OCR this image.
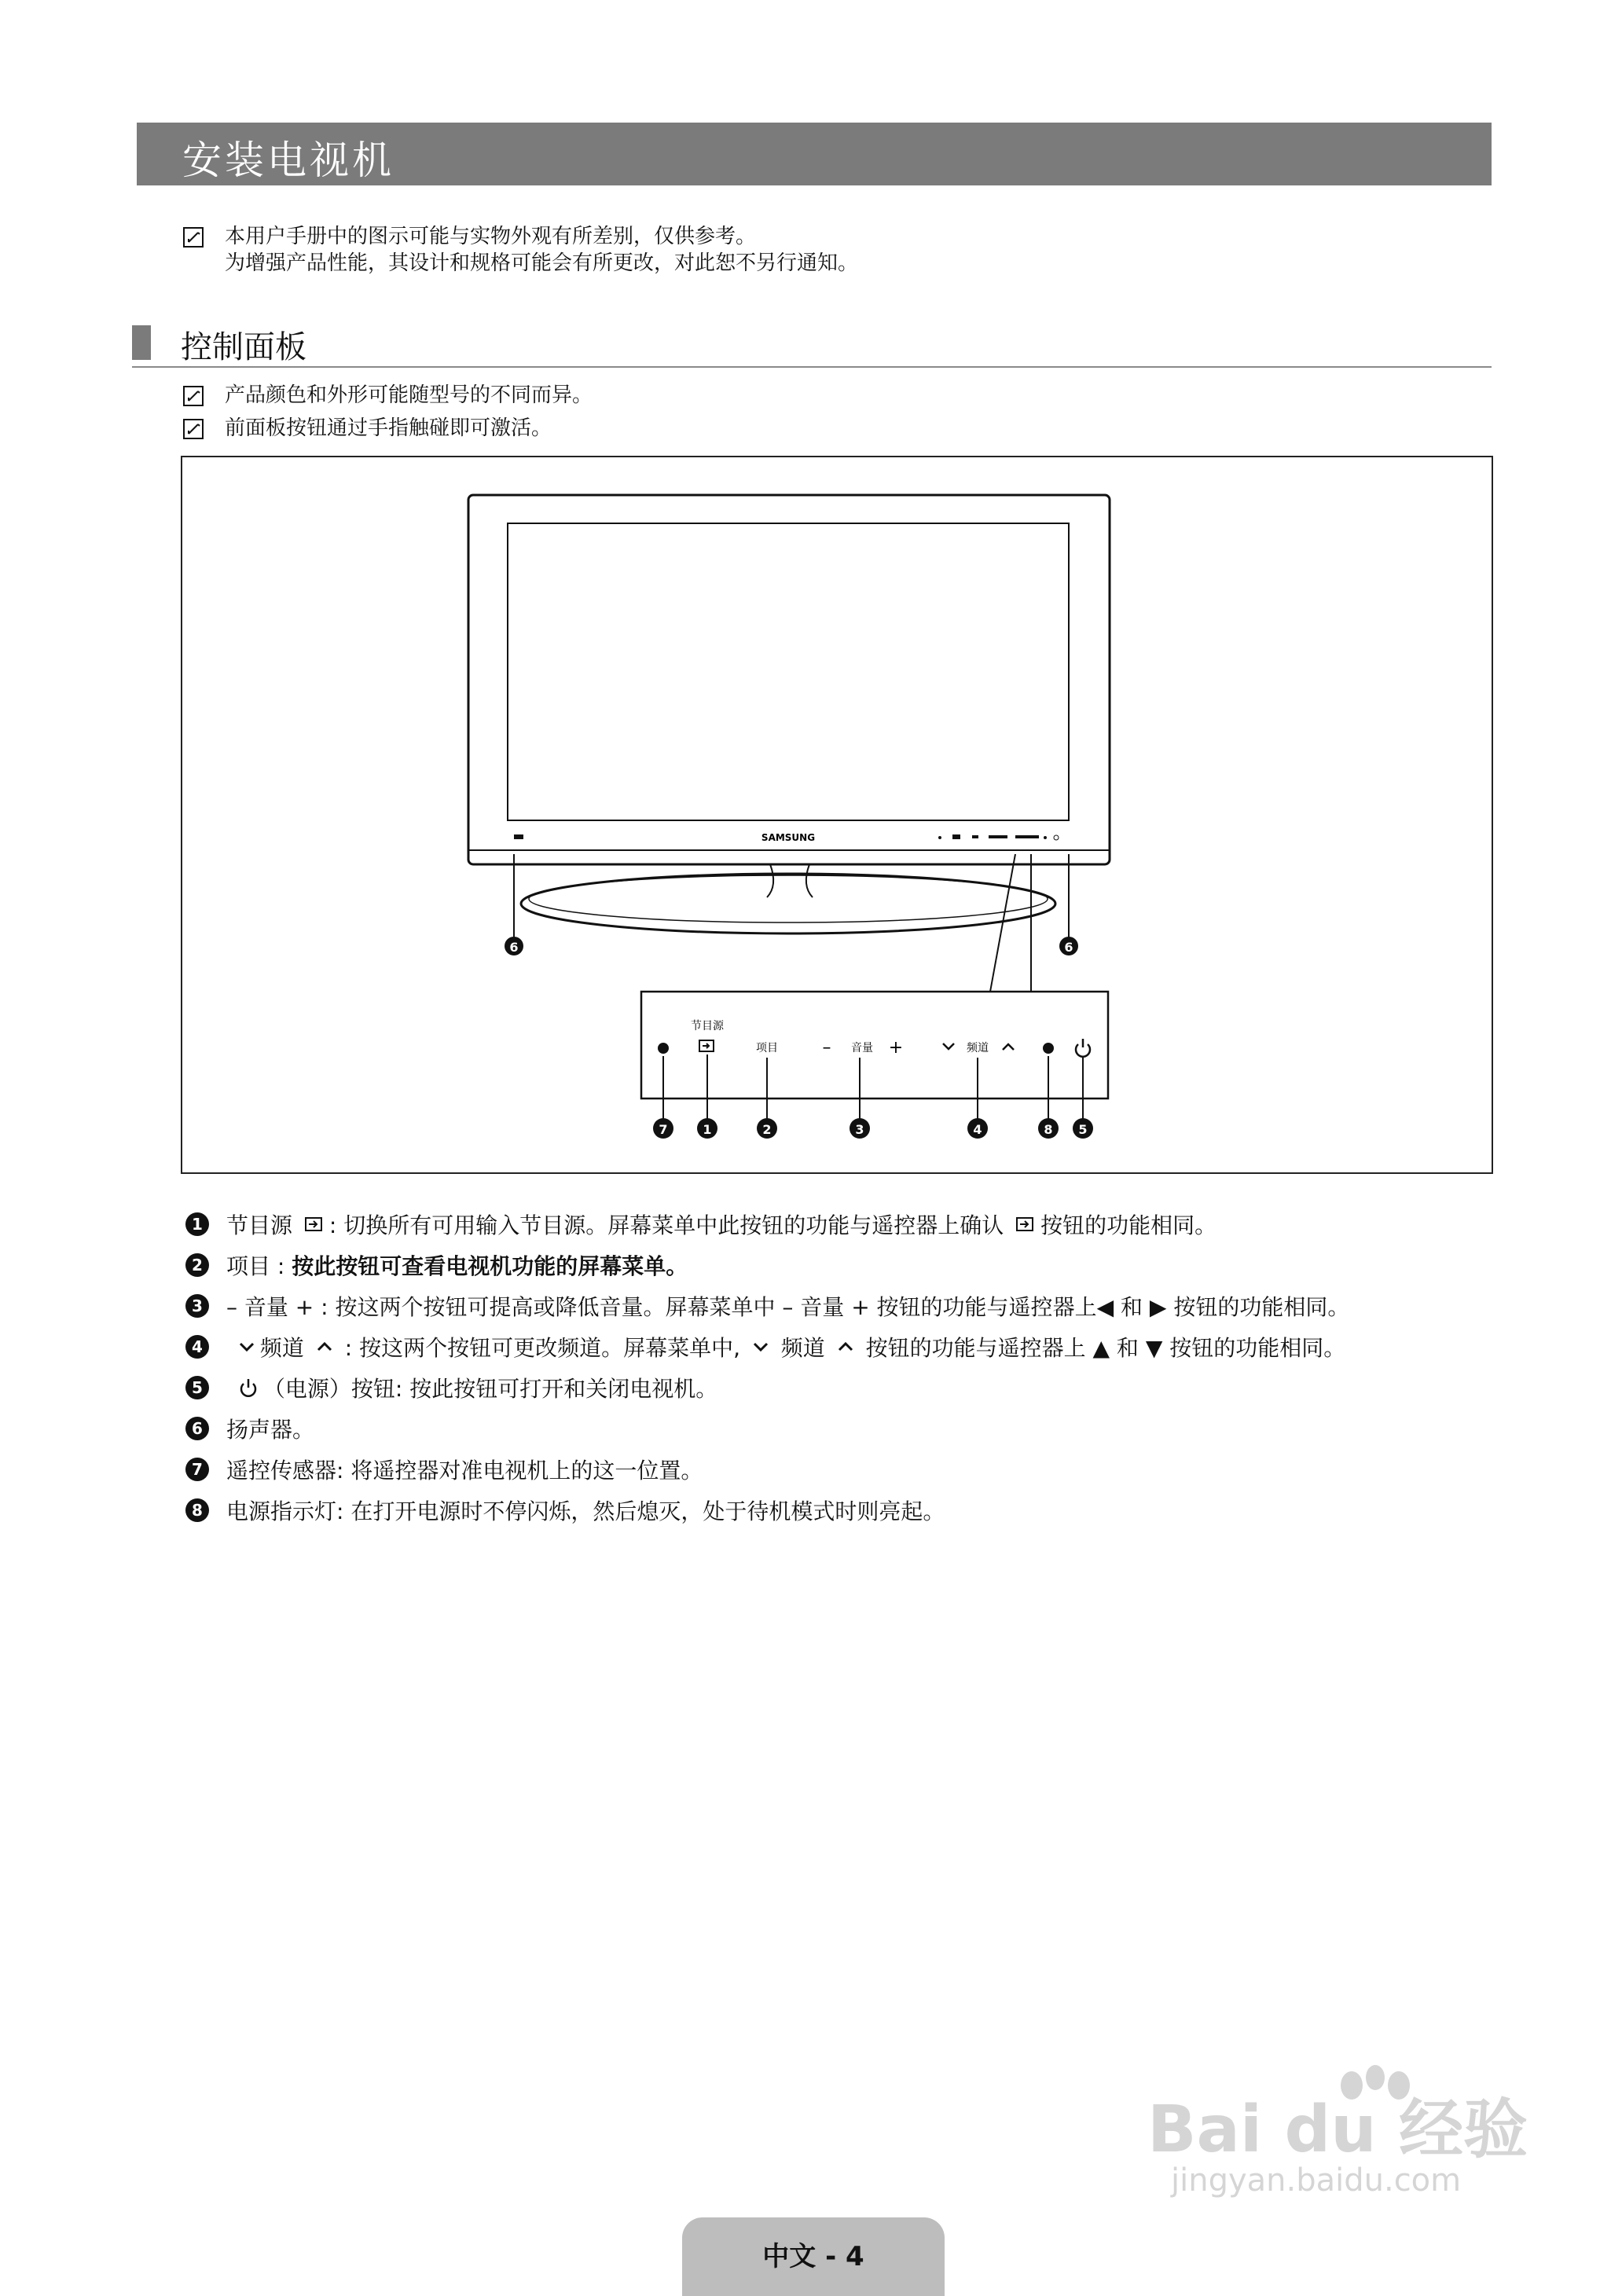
安装电视机
本用户手册中的图示可能与实物外观有所差别，仅供参考。
为增强产品性能，其设计和规格可能会有所更改，对此恕不另行通知。
控制面板
产品颜色和外形可能随型号的不同而异。
前面板按钮通过手指触碰即可激活。
SAMSUNG
6	6
节目源
项目	– 音量 +	频道
7	1	2	3	4	8 5
1 节目源 : 切换所有可用输入节目源。屏幕菜单中此按钮的功能与遥控器上确认 按钮的功能相同。
2 项目 : 按此按钮可查看电视机功能的屏幕菜单。
3 – 音量 + : 按这两个按钮可提高或降低音量。屏幕菜单中 – 音量 + 按钮的功能与遥控器上◀ 和 ▶ 按钮的功能相同。
4	频道  : 按这两个按钮可更改频道。屏幕菜单中,  频道  按钮的功能与遥控器上 ▲ 和 ▼ 按钮的功能相同。
5	（电源）按钮: 按此按钮可打开和关闭电视机。
6 扬声器。
7 遥控传感器: 将遥控器对准电视机上的这一位置。
8 电源指示灯: 在打开电源时不停闪烁，然后熄灭，处于待机模式时则亮起。
Bai du 经验
jingyan.baidu.com
中文 - 4
